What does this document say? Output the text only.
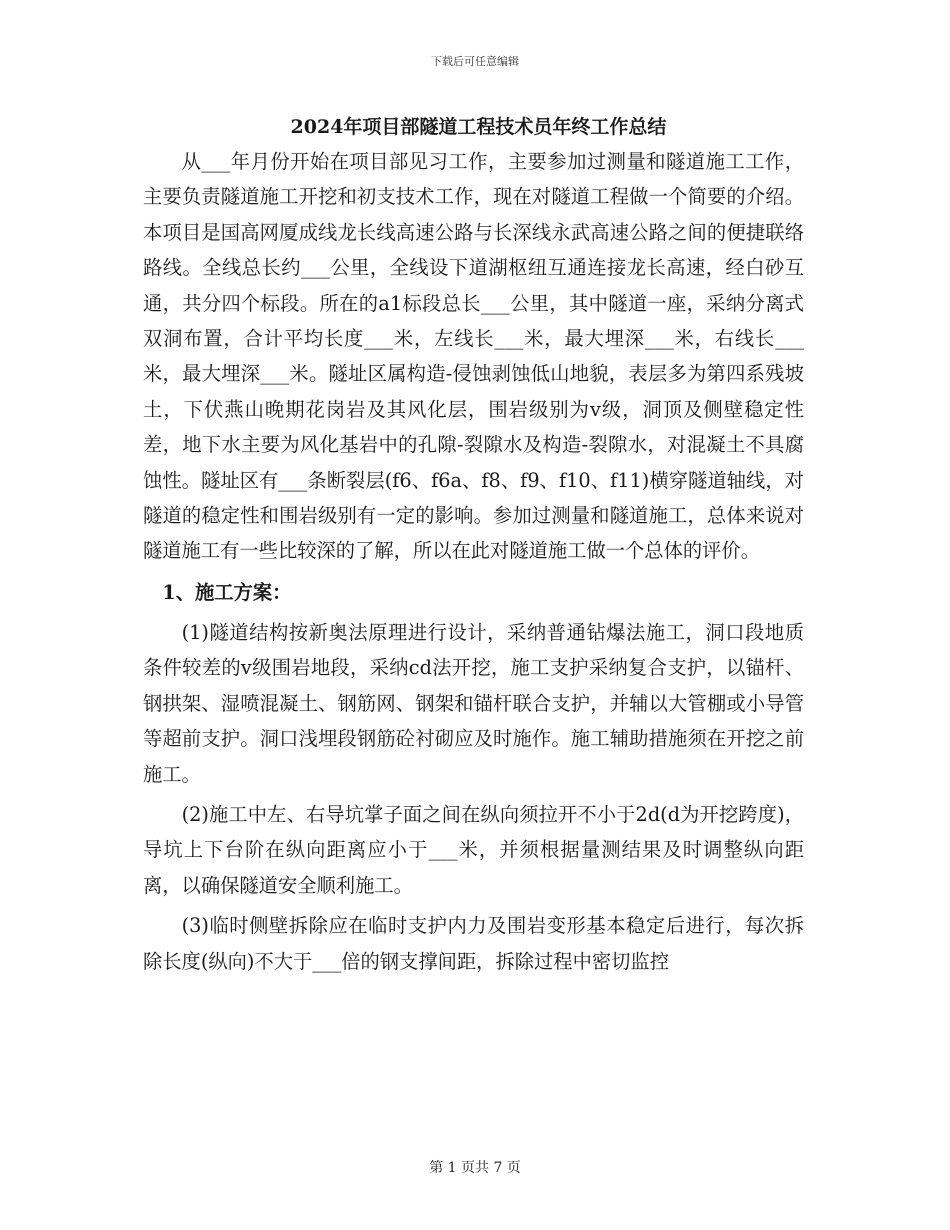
下载后可任意编辑
2024年项目部隧道工程技术员年终工作总结

从___年月份开始在项目部见习工作，主要参加过测量和隧道施工工作，主要负责隧道施工开挖和初支技术工作，现在对隧道工程做一个简要的介绍。本项目是国高网厦成线龙长线高速公路与长深线永武高速公路之间的便捷联络路线。全线总长约___公里，全线设下道湖枢纽互通连接龙长高速，经白砂互通，共分四个标段。所在的a1标段总长___公里，其中隧道一座，采纳分离式双洞布置，合计平均长度___米，左线长___米，最大埋深___米，右线长___米，最大埋深___米。隧址区属构造-侵蚀剥蚀低山地貌，表层多为第四系残坡土，下伏燕山晚期花岗岩及其风化层，围岩级别为v级，洞顶及侧壁稳定性差，地下水主要为风化基岩中的孔隙-裂隙水及构造-裂隙水，对混凝土不具腐蚀性。隧址区有___条断裂层(f6、f6a、f8、f9、f10、f11)横穿隧道轴线，对隧道的稳定性和围岩级别有一定的影响。参加过测量和隧道施工，总体来说对隧道施工有一些比较深的了解，所以在此对隧道施工做一个总体的评价。

1、施工方案：

(1)隧道结构按新奥法原理进行设计，采纳普通钻爆法施工，洞口段地质条件较差的v级围岩地段，采纳cd法开挖，施工支护采纳复合支护，以锚杆、钢拱架、湿喷混凝土、钢筋网、钢架和锚杆联合支护，并辅以大管棚或小导管等超前支护。洞口浅埋段钢筋砼衬砌应及时施作。施工辅助措施须在开挖之前施工。

(2)施工中左、右导坑掌子面之间在纵向须拉开不小于2d(d为开挖跨度)，导坑上下台阶在纵向距离应小于___米，并须根据量测结果及时调整纵向距离，以确保隧道安全顺利施工。

(3)临时侧壁拆除应在临时支护内力及围岩变形基本稳定后进行，每次拆除长度(纵向)不大于___倍的钢支撑间距，拆除过程中密切监控

第 1 页共 7 页
